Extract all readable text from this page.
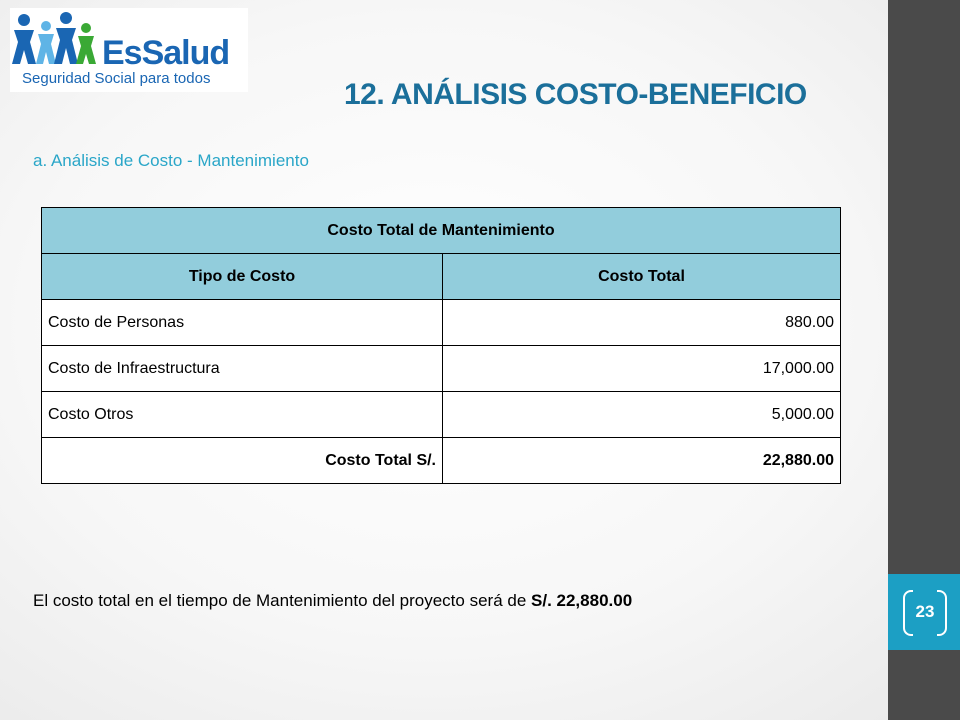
23
EsSalud
Seguridad Social para todos	12. ANÁLISIS COSTO-BENEFICIO
a. Análisis de Costo - Mantenimiento
Costo Total de Mantenimiento	
Tipo de Costo	Costo Total
Costo de Personas	880.00
Costo de Infraestructura	17,000.00
Costo Otros	5,000.00
Costo Total S/.	22,880.00
El costo total en el tiempo de Mantenimiento del proyecto será de S/. 22,880.00
